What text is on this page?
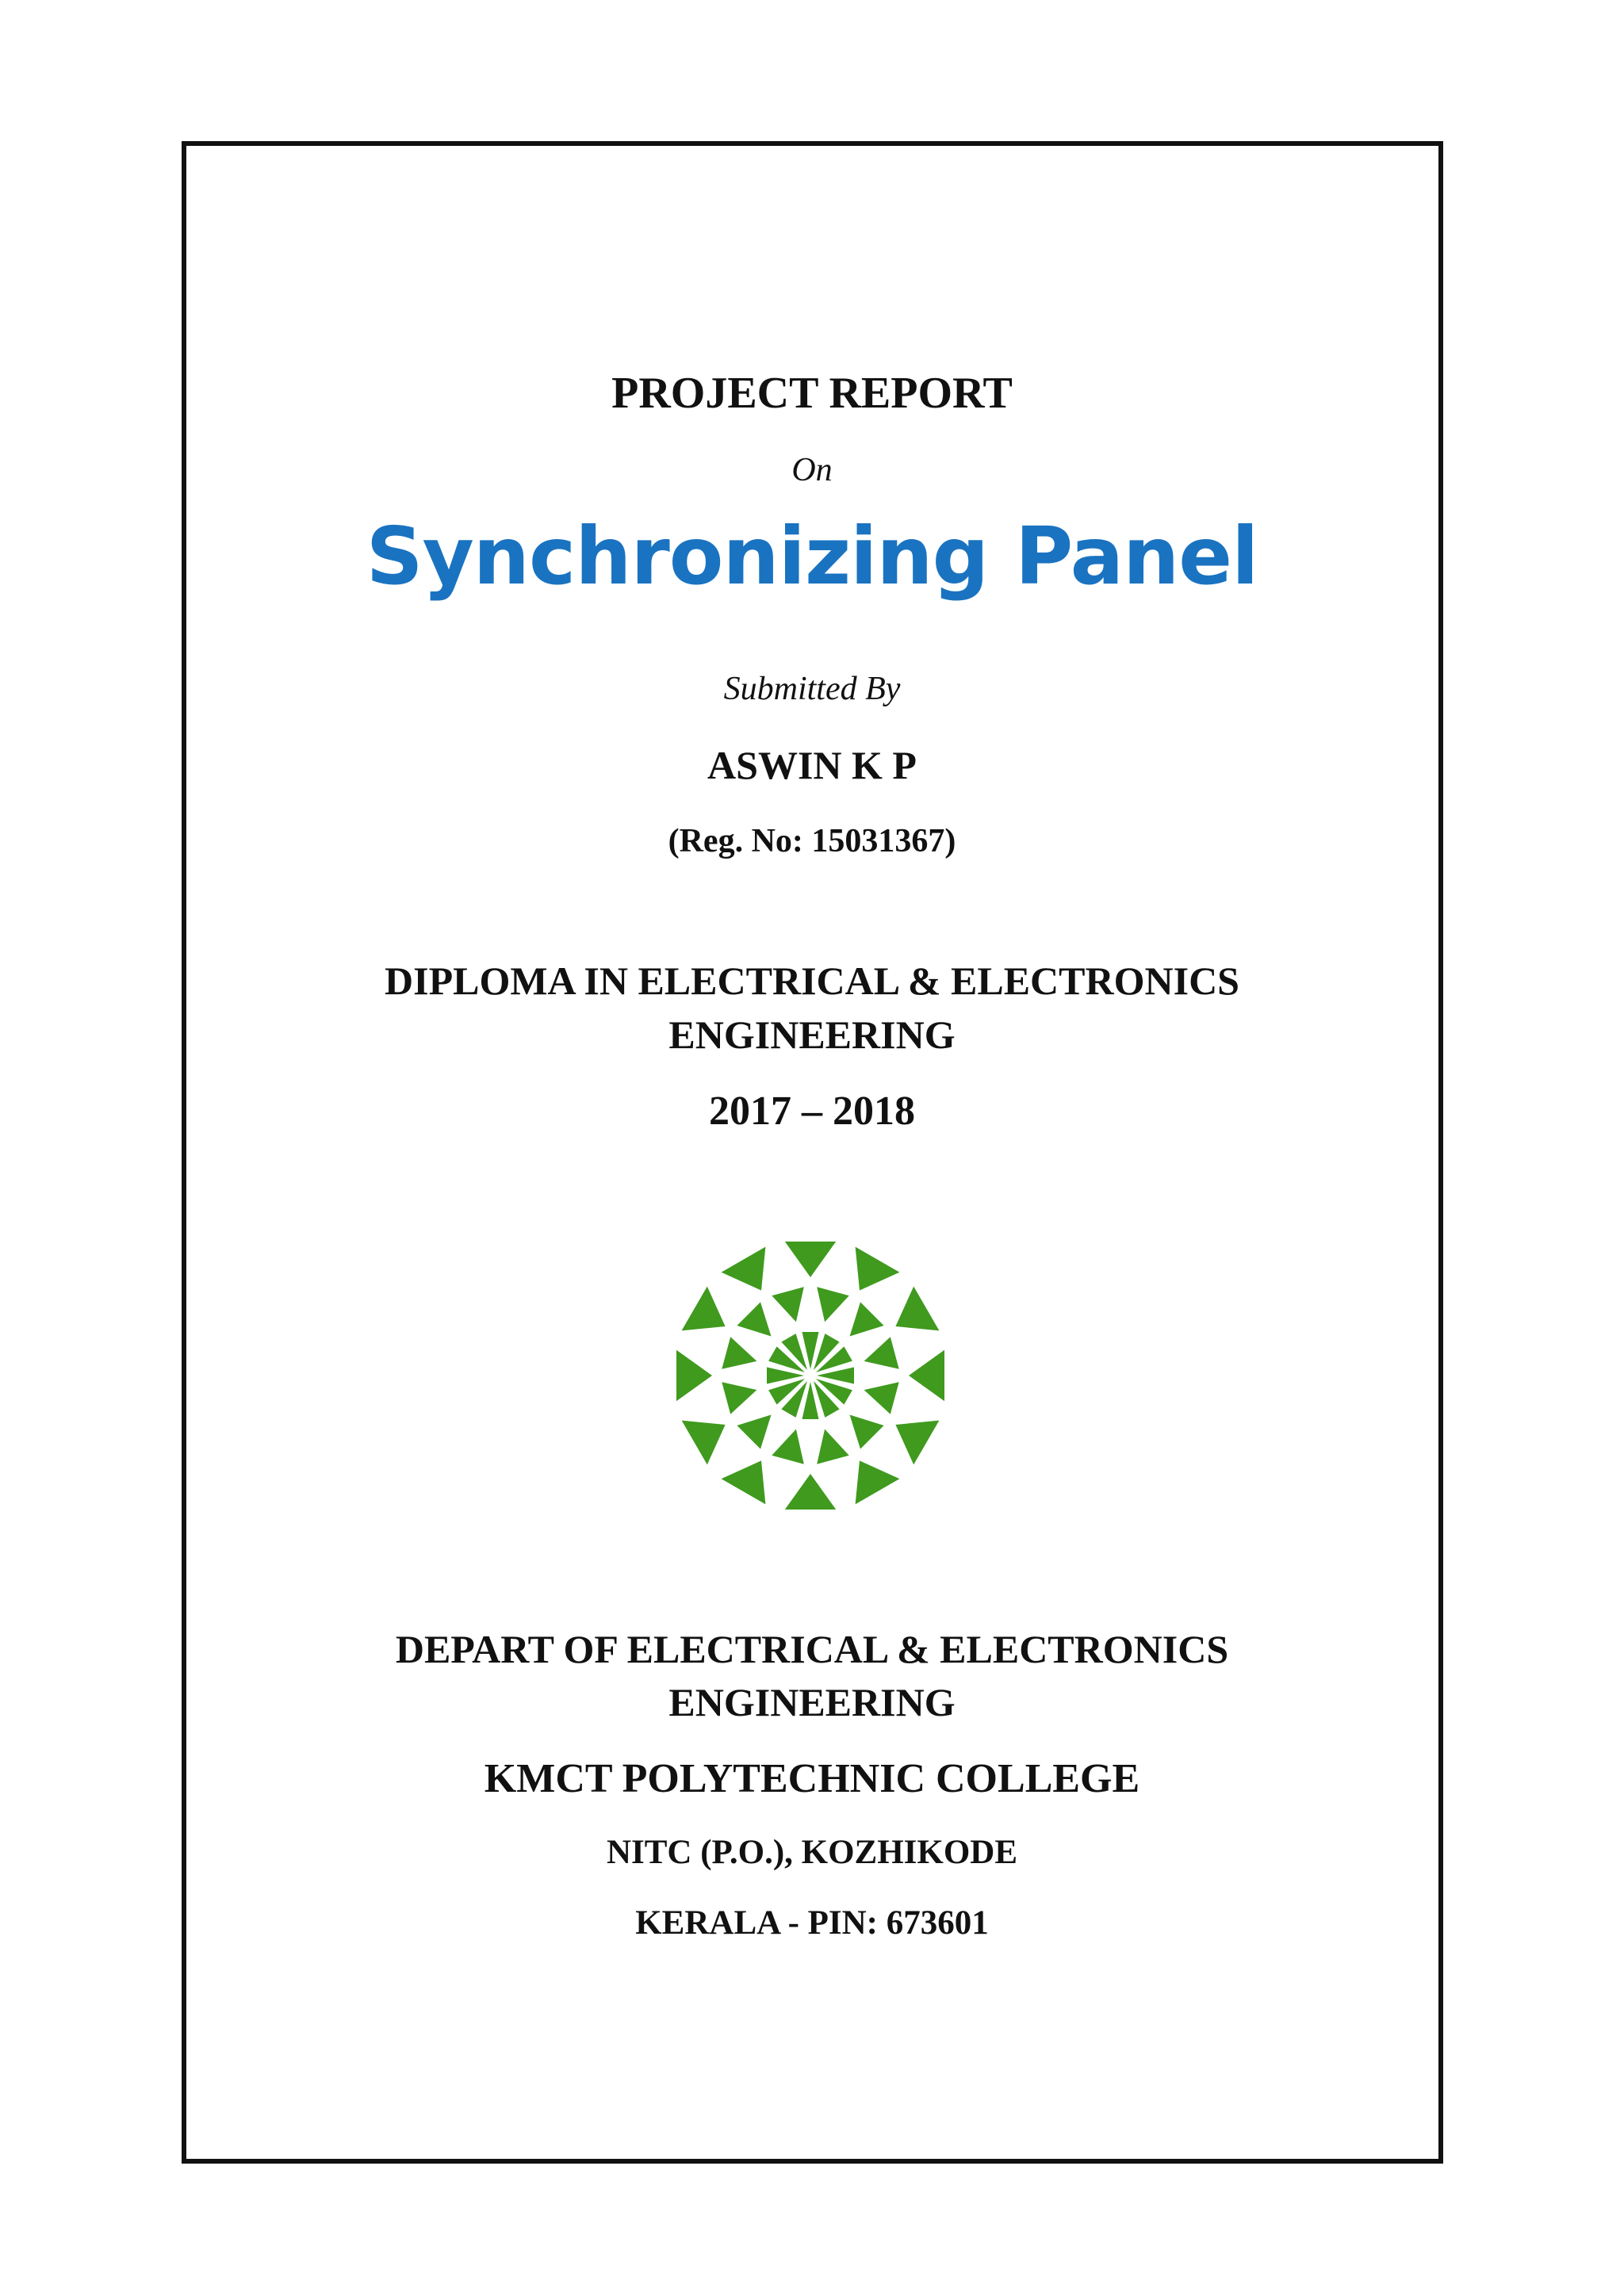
PROJECT REPORT
On
Synchronizing Panel
Submitted By
ASWIN K P
(Reg. No: 15031367)
DIPLOMA IN ELECTRICAL & ELECTRONICS
ENGINEERING
2017 – 2018
DEPART OF ELECTRICAL & ELECTRONICS
ENGINEERING
KMCT POLYTECHNIC COLLEGE
NITC (P.O.), KOZHIKODE
KERALA - PIN: 673601
